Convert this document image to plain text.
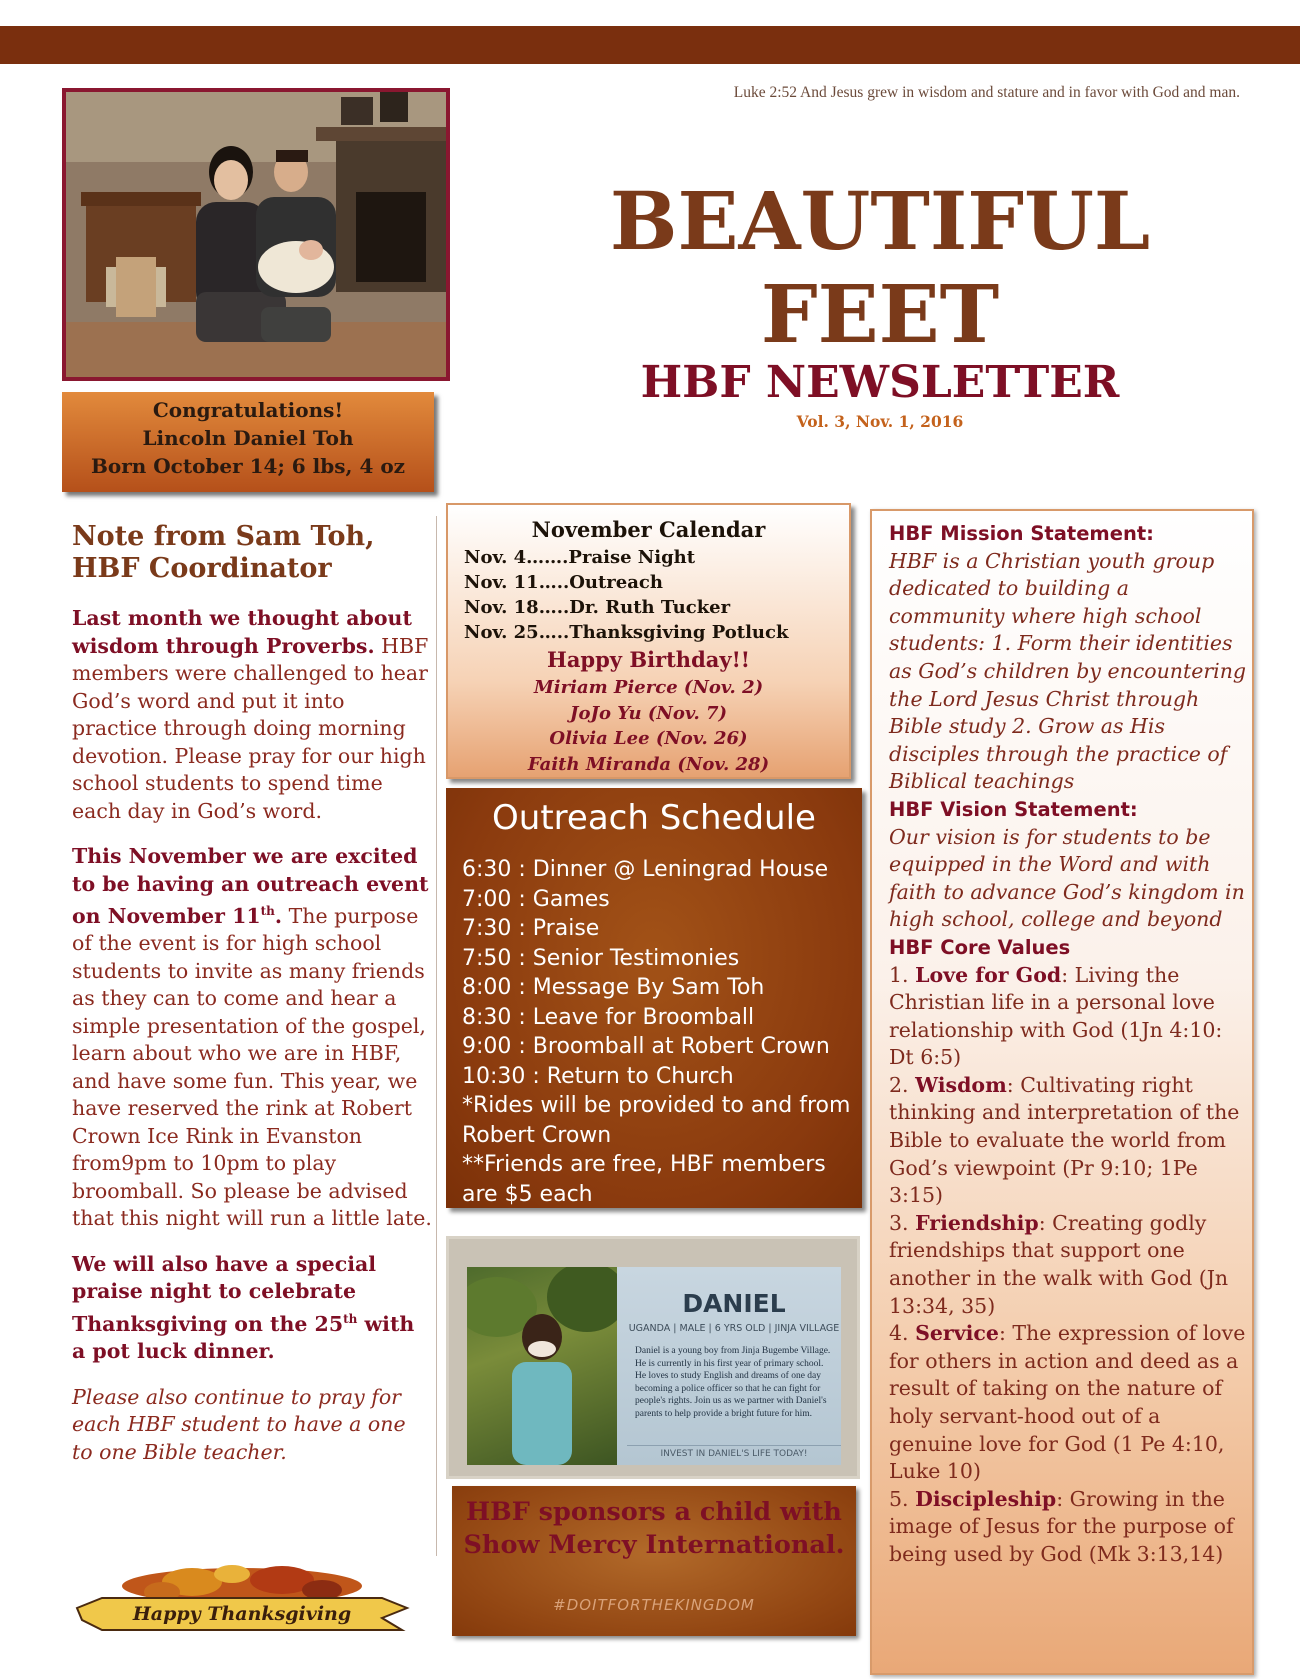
Luke 2:52 And Jesus grew in wisdom and stature and in favor with God and man.
BEAUTIFUL
FEET
HBF NEWSLETTER
Vol. 3, Nov. 1, 2016
Congratulations!
Lincoln Daniel Toh
Born October 14; 6 lbs, 4 oz
Note from Sam Toh, HBF Coordinator

Last month we thought about wisdom through Proverbs. HBF members were challenged to hear God’s word and put it into practice through doing morning devotion. Please pray for our high school students to spend time each day in God’s word.

This November we are excited to be having an outreach event on November 11th. The purpose of the event is for high school students to invite as many friends as they can to come and hear a simple presentation of the gospel, learn about who we are in HBF, and have some fun. This year, we have reserved the rink at Robert Crown Ice Rink in Evanston from9pm to 10pm to play broomball. So please be advised that this night will run a little late.

We will also have a special praise night to celebrate Thanksgiving on the 25th with a pot luck dinner.

Please also continue to pray for each HBF student to have a one to one Bible teacher.

Happy Thanksgiving
November Calendar
Nov. 4…….Praise Night
Nov. 11…..Outreach
Nov. 18…..Dr. Ruth Tucker
Nov. 25…..Thanksgiving Potluck
Happy Birthday!!
Miriam Pierce (Nov. 2)
JoJo Yu (Nov. 7)
Olivia Lee (Nov. 26)
Faith Miranda (Nov. 28)
Outreach Schedule
6:30 : Dinner @ Leningrad House
7:00 : Games
7:30 : Praise
7:50 : Senior Testimonies
8:00 : Message By Sam Toh
8:30 : Leave for Broomball
9:00 : Broomball at Robert Crown
10:30 : Return to Church
*Rides will be provided to and from Robert Crown
**Friends are free, HBF members are $5 each
DANIEL
UGANDA | MALE | 6 YRS OLD | JINJA VILLAGE
Daniel is a young boy from Jinja Bugembe Village. He is currently in his first year of primary school. He loves to study English and dreams of one day becoming a police officer so that he can fight for people's rights. Join us as we partner with Daniel's parents to help provide a bright future for him.
INVEST IN DANIEL'S LIFE TODAY!
HBF sponsors a child with Show Mercy International.
#DOITFORTHEKINGDOM
HBF Mission Statement:
HBF is a Christian youth group dedicated to building a community where high school students: 1. Form their identities as God’s children by encountering the Lord Jesus Christ through Bible study 2. Grow as His disciples through the practice of Biblical teachings
HBF Vision Statement:
Our vision is for students to be equipped in the Word and with faith to advance God’s kingdom in high school, college and beyond
HBF Core Values
1. Love for God: Living the Christian life in a personal love relationship with God (1Jn 4:10: Dt 6:5)
2. Wisdom: Cultivating right thinking and interpretation of the Bible to evaluate the world from God’s viewpoint (Pr 9:10; 1Pe 3:15)
3. Friendship: Creating godly friendships that support one another in the walk with God (Jn 13:34, 35)
4. Service: The expression of love for others in action and deed as a result of taking on the nature of holy servant-hood out of a genuine love for God (1 Pe 4:10, Luke 10)
5. Discipleship: Growing in the image of Jesus for the purpose of being used by God (Mk 3:13,14)
